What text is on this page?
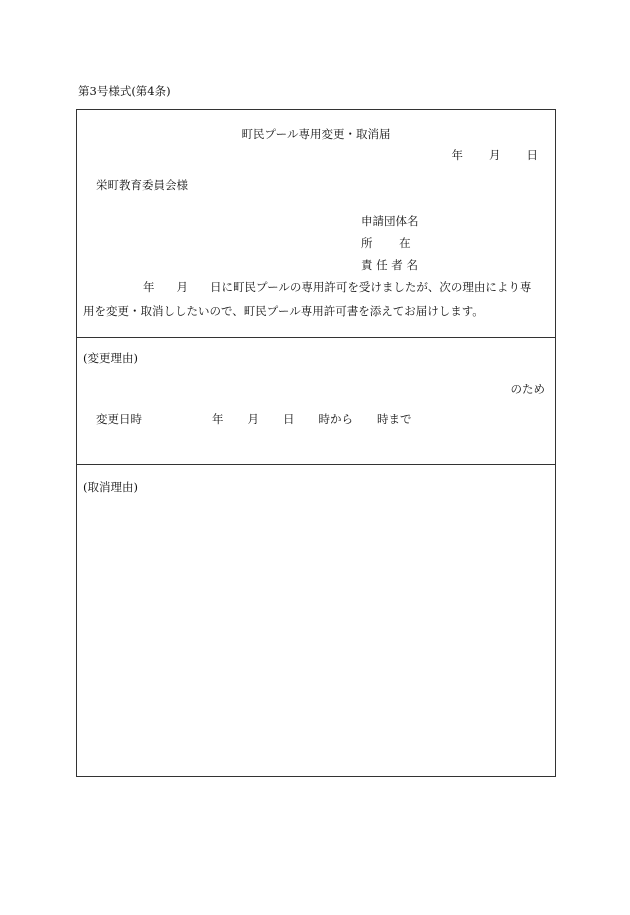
第3号様式(第4条)
町民プール専用変更・取消届
年 月 日
栄町教育委員会様
申請団体名
所　　 在
責 任 者 名
年 月 日に町民プールの専用許可を受けましたが、次の理由により専
用を変更・取消ししたいので、町民プール専用許可書を添えてお届けします。
(変更理由)
のため
変更日時	年 月 日 時から 時まで
(取消理由)
